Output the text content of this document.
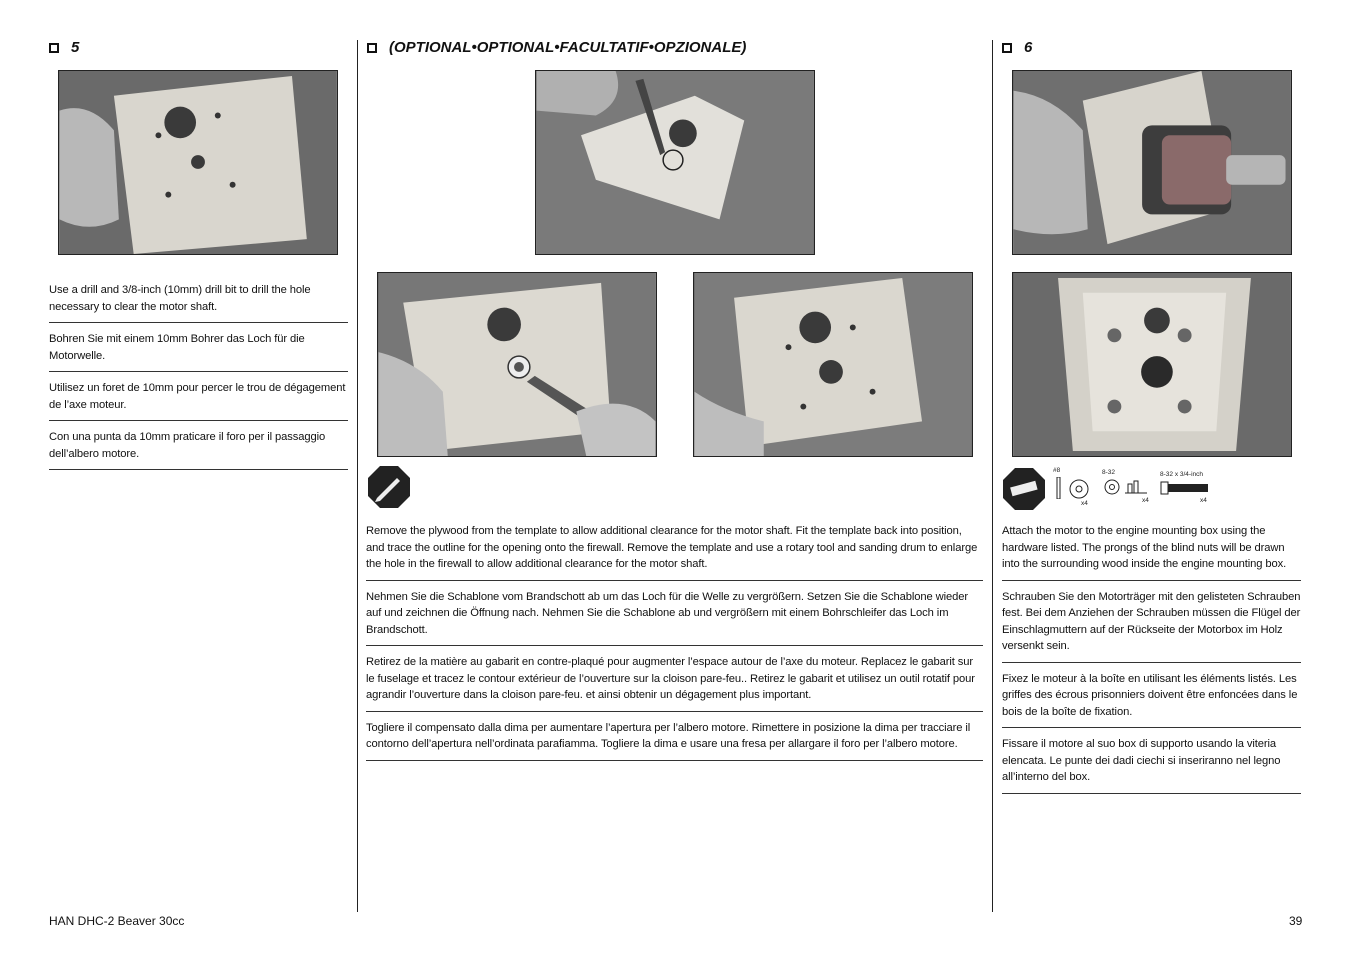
5	(OPTIONAL•OPTIONAL•FACULTATIF•OPZIONALE)	6
#8
x4
8-32
x4
8-32 x 3/4-inch
x4
Use a drill and 3/8-inch (10mm) drill bit to drill the hole necessary to clear the motor shaft.
Bohren Sie mit einem 10mm Bohrer das Loch für die Motorwelle.
Utilisez un foret de 10mm pour percer le trou de dégagement de l’axe moteur.
Con una punta da 10mm praticare il foro per il passaggio dell’albero motore.
Remove the plywood from the template to allow additional clearance for the motor shaft. Fit the template back into position, and trace the outline for the opening onto the firewall. Remove the template and use a rotary tool and sanding drum to enlarge the hole in the firewall to allow additional clearance for the motor shaft.
Nehmen Sie die Schablone vom Brandschott ab um das Loch für die Welle zu vergrößern. Setzen Sie die Schablone wieder auf und zeichnen die Öffnung nach. Nehmen Sie die Schablone ab und vergrößern mit einem Bohrschleifer das Loch im Brandschott.
Retirez de la matière au gabarit en contre-plaqué pour augmenter l’espace autour de l’axe du moteur. Replacez le gabarit sur le fuselage et tracez le contour extérieur de l’ouverture sur la cloison pare-feu.. Retirez le gabarit et utilisez un outil rotatif pour agrandir l’ouverture dans la cloison pare-feu. et ainsi obtenir un dégagement plus important.
Togliere il compensato dalla dima per aumentare l’apertura per l’albero motore. Rimettere in posizione la dima per tracciare il contorno dell’apertura nell’ordinata parafiamma. Togliere la dima e usare una fresa per allargare il foro per l’albero motore.
Attach the motor to the engine mounting box using the hardware listed. The prongs of the blind nuts will be drawn into the surrounding wood inside the engine mounting box.
Schrauben Sie den Motorträger mit den gelisteten Schrauben fest. Bei dem Anziehen der Schrauben müssen die Flügel der Einschlagmuttern auf der Rückseite der Motorbox im Holz versenkt sein.
Fixez le moteur à la boîte en utilisant les éléments listés. Les griffes des écrous prisonniers doivent être enfoncées dans le bois de la boîte de fixation.
Fissare il motore al suo box di supporto usando la viteria elencata. Le punte dei dadi ciechi si inseriranno nel legno all’interno del box.
HAN DHC-2 Beaver 30cc	39
